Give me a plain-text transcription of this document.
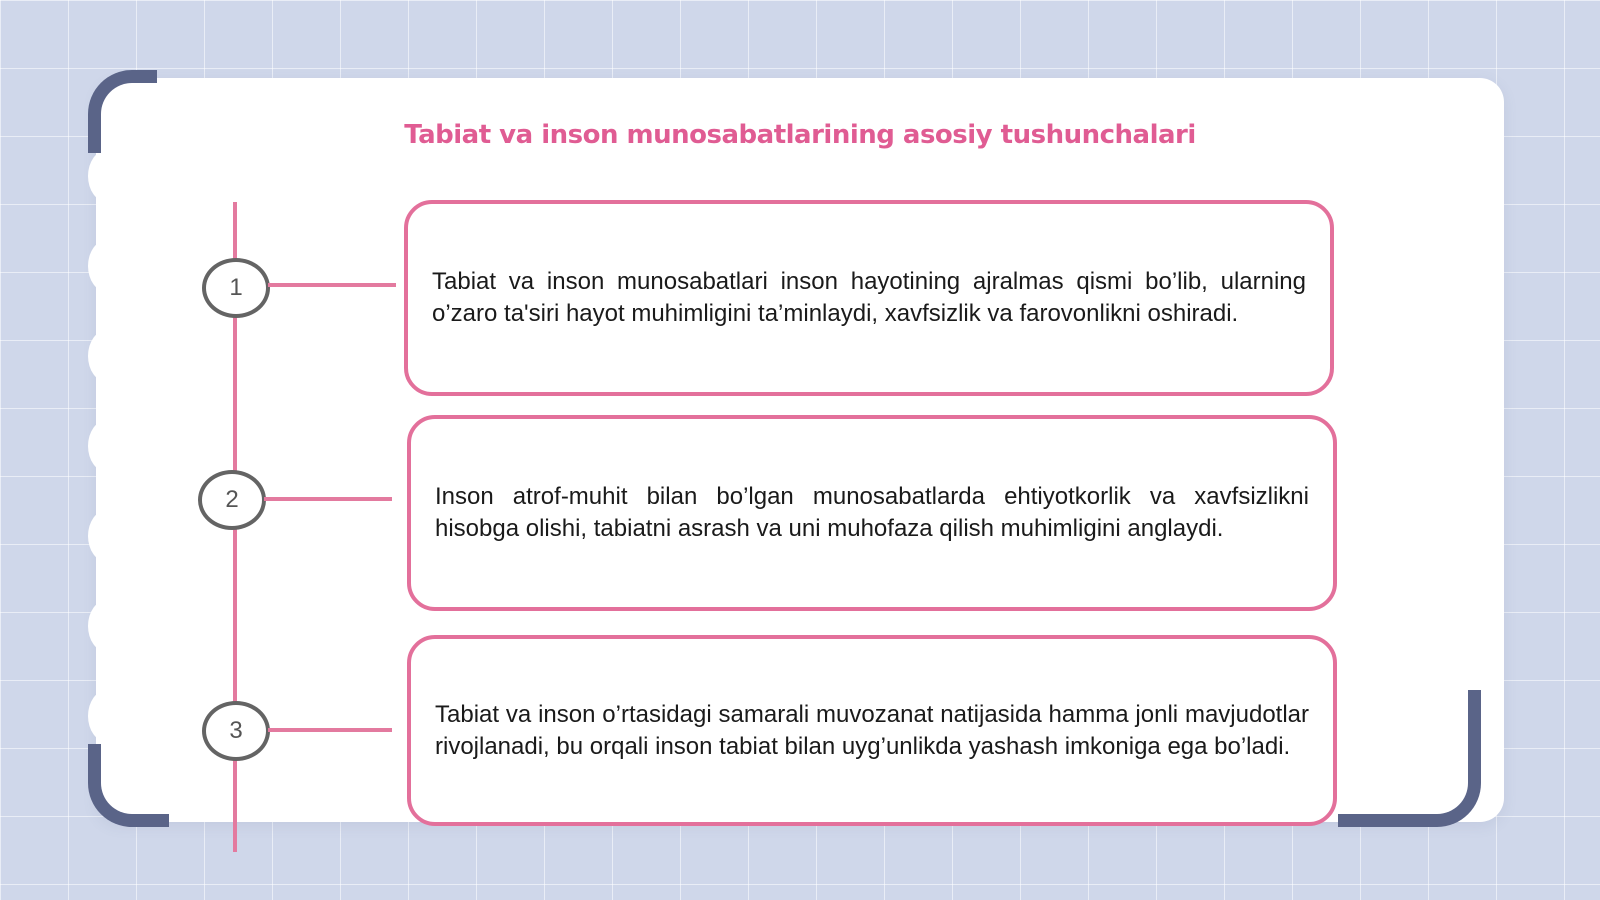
Tabiat va inson munosabatlarining asosiy tushunchalari
1	Tabiat va inson munosabatlari inson hayotining ajralmas qismi bo’lib, ularning o’zaro ta'siri hayot muhimligini ta’minlaydi, xavfsizlik va farovonlikni oshiradi.

2	Inson atrof-muhit bilan bo’lgan munosabatlarda ehtiyotkorlik va xavfsizlikni hisobga olishi, tabiatni asrash va uni muhofaza qilish muhimligini anglaydi.

3

Tabiat va inson o’rtasidagi samarali muvozanat natijasida hamma jonli mavjudotlar rivojlanadi, bu orqali inson tabiat bilan uyg’unlikda yashash imkoniga ega bo’ladi.
